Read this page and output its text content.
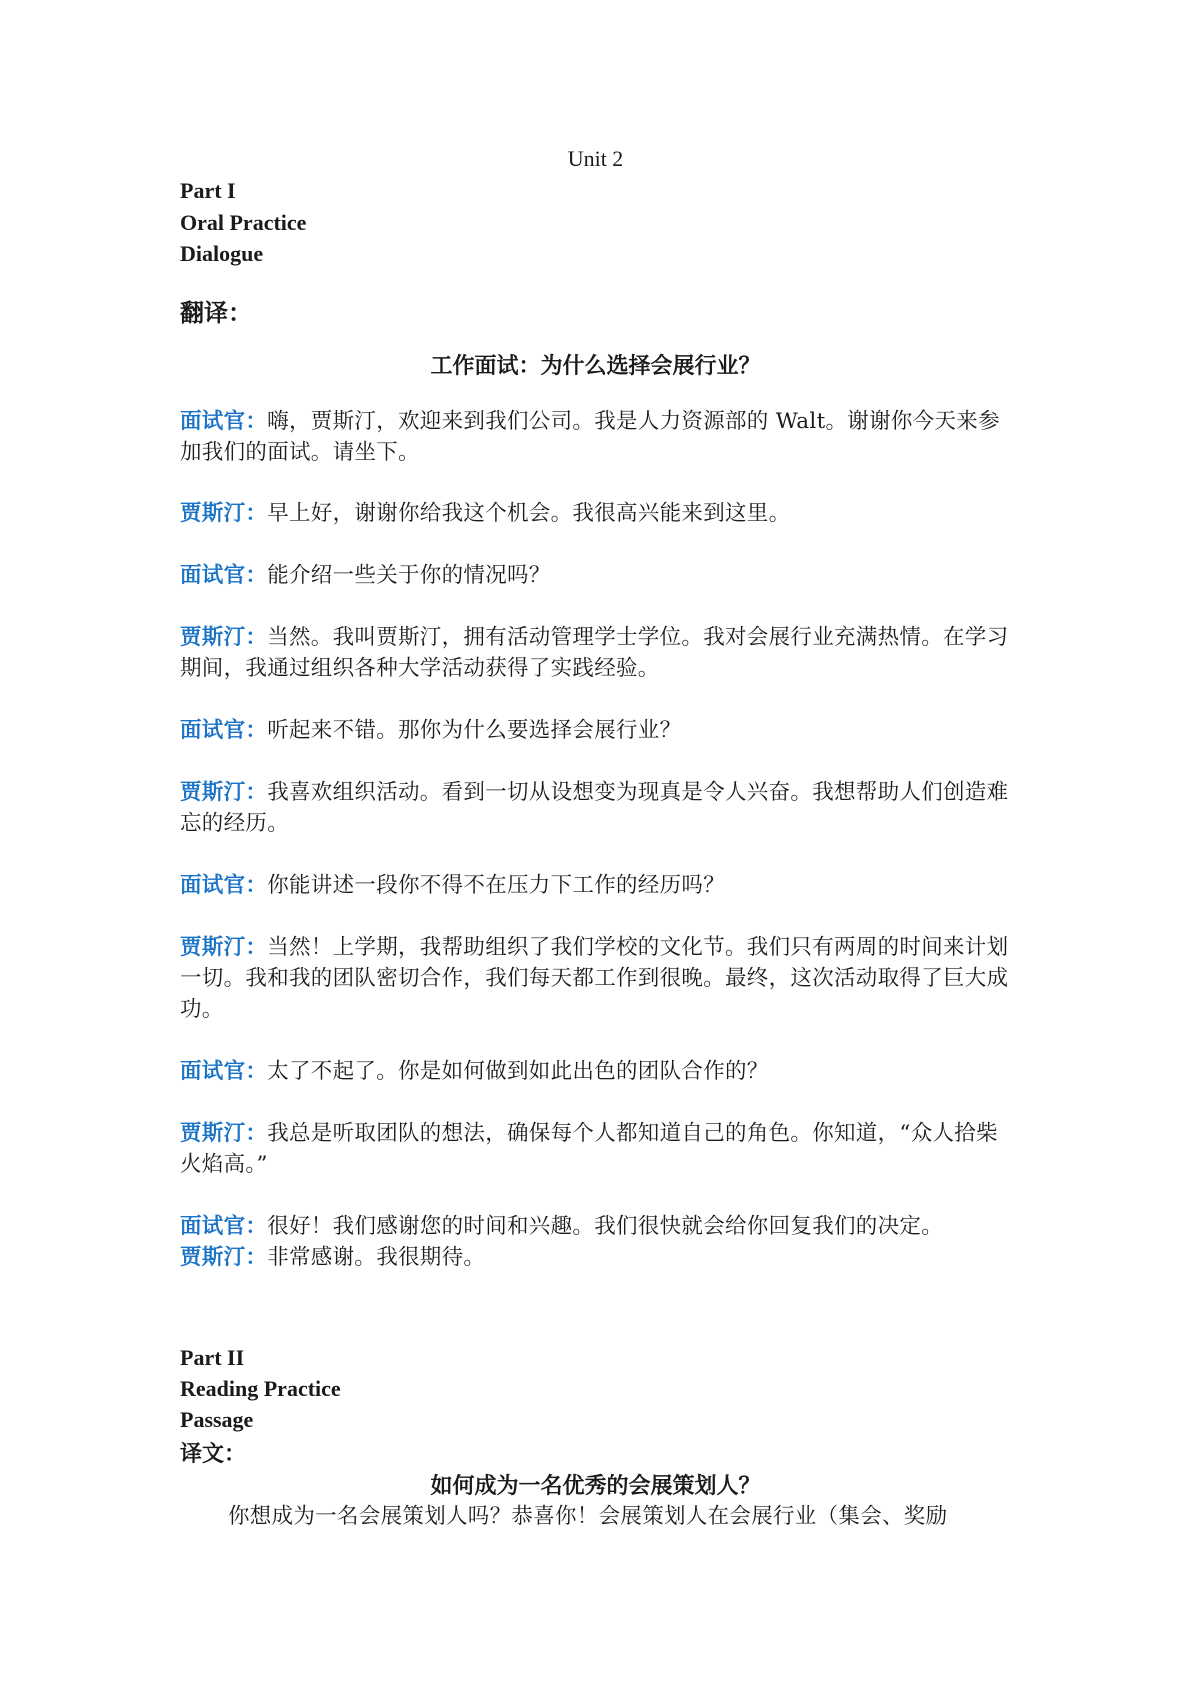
Unit 2
Part I
Oral Practice
Dialogue
翻译：
工作面试：为什么选择会展行业？
面试官：嗨，贾斯汀，欢迎来到我们公司。我是人力资源部的 Walt。谢谢你今天来参加我们的面试。请坐下。
贾斯汀：早上好，谢谢你给我这个机会。我很高兴能来到这里。
面试官：能介绍一些关于你的情况吗？
贾斯汀：当然。我叫贾斯汀，拥有活动管理学士学位。我对会展行业充满热情。在学习期间，我通过组织各种大学活动获得了实践经验。
面试官：听起来不错。那你为什么要选择会展行业？
贾斯汀：我喜欢组织活动。看到一切从设想变为现真是令人兴奋。我想帮助人们创造难忘的经历。
面试官：你能讲述一段你不得不在压力下工作的经历吗？
贾斯汀：当然！上学期，我帮助组织了我们学校的文化节。我们只有两周的时间来计划一切。我和我的团队密切合作，我们每天都工作到很晚。最终，这次活动取得了巨大成功。
面试官：太了不起了。你是如何做到如此出色的团队合作的？
贾斯汀：我总是听取团队的想法，确保每个人都知道自己的角色。你知道，“众人拾柴火焰高。”
面试官：很好！我们感谢您的时间和兴趣。我们很快就会给你回复我们的决定。
贾斯汀：非常感谢。我很期待。
Part II
Reading Practice
Passage
译文：
如何成为一名优秀的会展策划人？
你想成为一名会展策划人吗？恭喜你！会展策划人在会展行业（集会、奖励
